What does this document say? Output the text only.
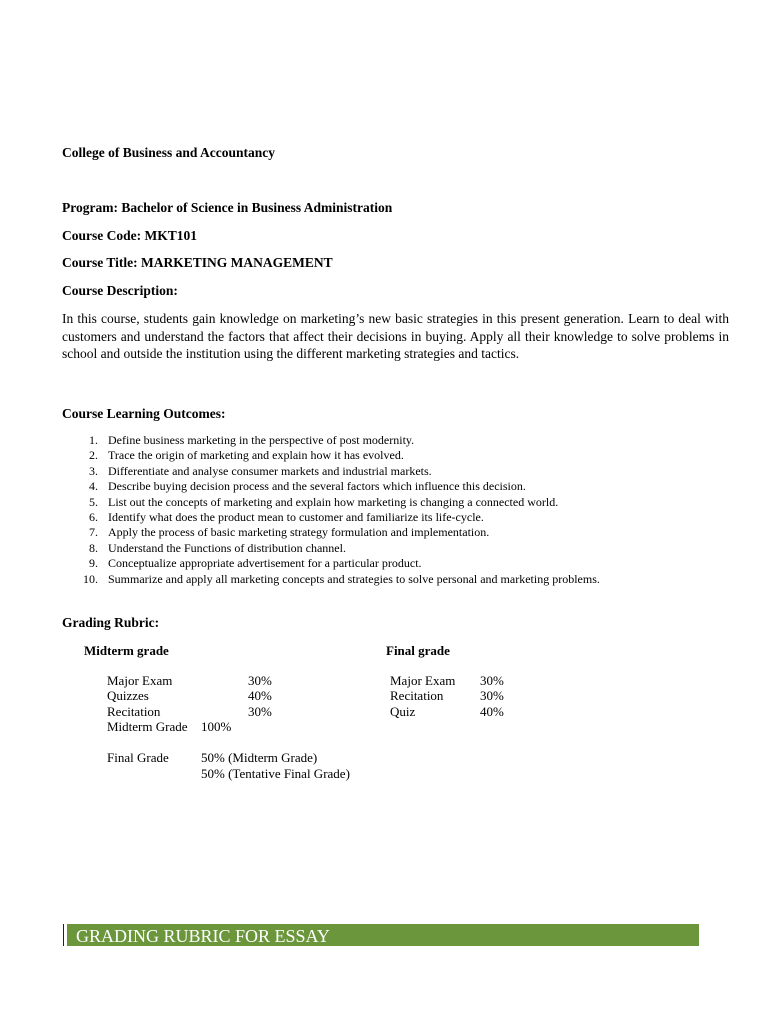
College of Business and Accountancy
Program: Bachelor of Science in Business Administration
Course Code: MKT101
Course Title: MARKETING MANAGEMENT
Course Description:
In this course, students gain knowledge on marketing’s new basic strategies in this present generation. Learn to deal with customers and understand the factors that affect their decisions in buying. Apply all their knowledge to solve problems in school and outside the institution using the different marketing strategies and tactics.
Course Learning Outcomes:
1. Define business marketing in the perspective of post modernity.
2. Trace the origin of marketing and explain how it has evolved.
3. Differentiate and analyse consumer markets and industrial markets.
4. Describe buying decision process and the several factors which influence this decision.
5. List out the concepts of marketing and explain how marketing is changing a connected world.
6. Identify what does the product mean to customer and familiarize its life-cycle.
7. Apply the process of basic marketing strategy formulation and implementation.
8. Understand the Functions of distribution channel.
9. Conceptualize appropriate advertisement for a particular product.
10. Summarize and apply all marketing concepts and strategies to solve personal and marketing problems.
Grading Rubric:
Midterm grade
Major Exam	30%
Quizzes	40%
Recitation	30%
Midterm Grade 100%
Final Grade 50% (Midterm Grade)
50% (Tentative Final Grade)
Final grade
Major Exam 30%
Recitation	30%
Quiz	40%
GRADING RUBRIC FOR ESSAY
